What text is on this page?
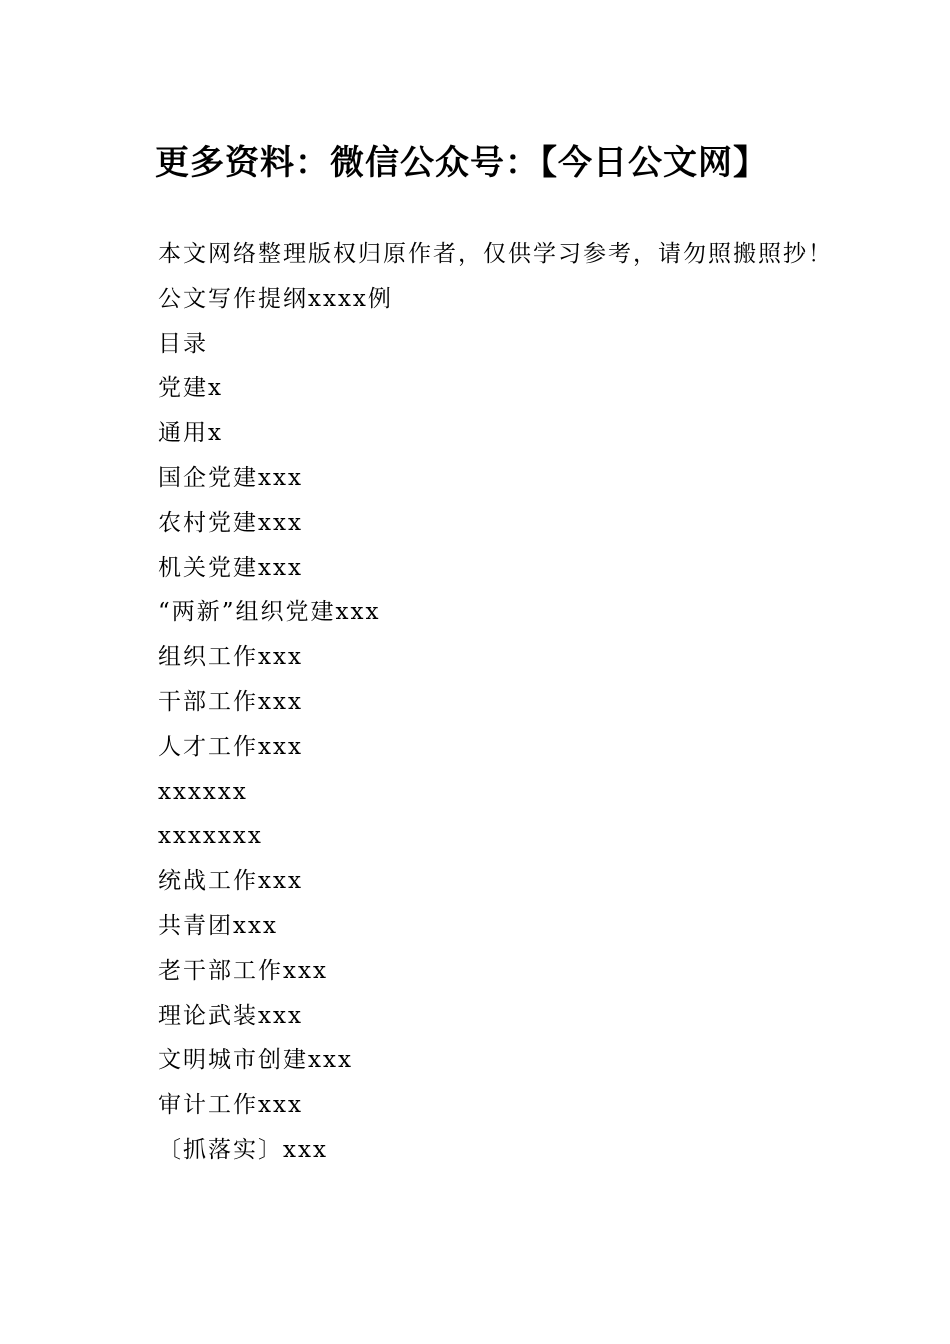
更多资料：微信公众号：【今日公文网】
本文网络整理版权归原作者，仅供学习参考，请勿照搬照抄！
公文写作提纲xxxx例
目录
党建x
通用x
国企党建xxx
农村党建xxx
机关党建xxx
“两新”组织党建xxx
组织工作xxx
干部工作xxx
人才工作xxx
xxxxxx
xxxxxxx
统战工作xxx
共青团xxx
老干部工作xxx
理论武装xxx
文明城市创建xxx
审计工作xxx
〔抓落实〕xxx
